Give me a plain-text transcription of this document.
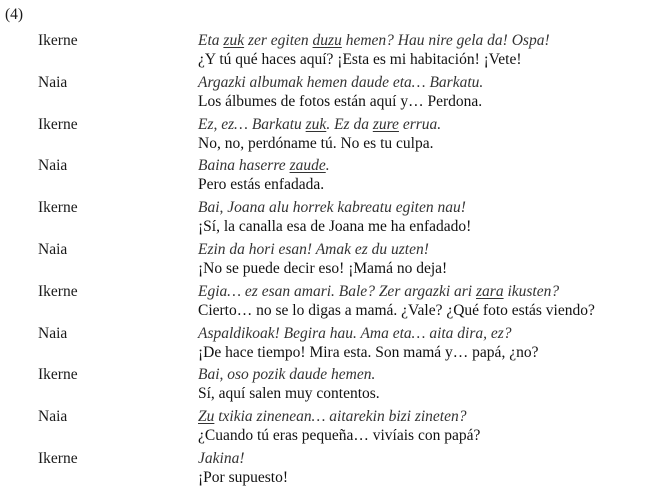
(4)
Ikerne	Eta zuk zer egiten duzu hemen? Hau nire gela da! Ospa!
¿Y tú qué haces aquí? ¡Esta es mi habitación! ¡Vete!
Naia	Argazki albumak hemen daude eta… Barkatu.
Los álbumes de fotos están aquí y… Perdona.
Ikerne	Ez, ez… Barkatu zuk. Ez da zure errua.
No, no, perdóname tú. No es tu culpa.
Naia	Baina haserre zaude.
Pero estás enfadada.
Ikerne	Bai, Joana alu horrek kabreatu egiten nau!
¡Sí, la canalla esa de Joana me ha enfadado!
Naia	Ezin da hori esan! Amak ez du uzten!
¡No se puede decir eso! ¡Mamá no deja!
Ikerne	Egia… ez esan amari. Bale? Zer argazki ari zara ikusten?
Cierto… no se lo digas a mamá. ¿Vale? ¿Qué foto estás viendo?
Naia	Aspaldikoak! Begira hau. Ama eta… aita dira, ez?
¡De hace tiempo! Mira esta. Son mamá y… papá, ¿no?
Ikerne	Bai, oso pozik daude hemen.
Sí, aquí salen muy contentos.
Naia	Zu txikia zinenean… aitarekin bizi zineten?
¿Cuando tú eras pequeña… vivíais con papá?
Ikerne	Jakina!
¡Por supuesto!
